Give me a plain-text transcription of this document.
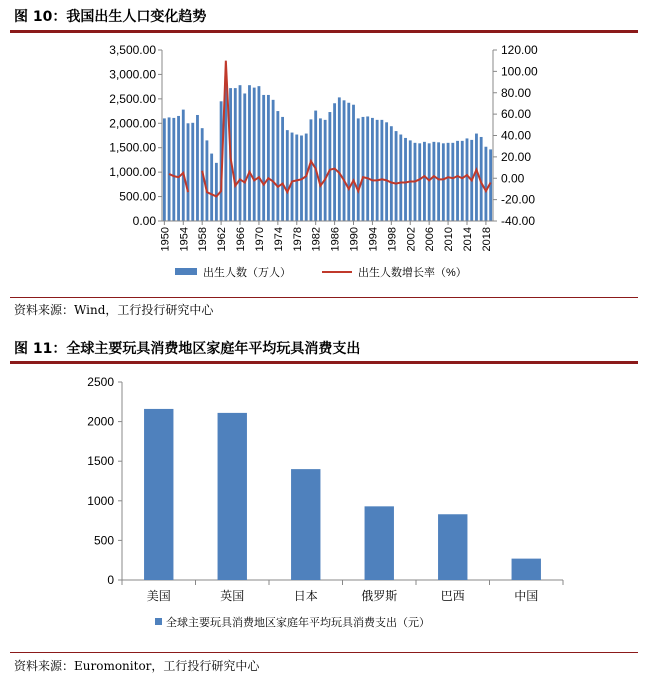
图 10：我国出生人口变化趋势
0.00
500.00
1,000.00
1,500.00
2,000.00
2,500.00
3,000.00
3,500.00
-40.00
-20.00
0.00
20.00
40.00
60.00
80.00
100.00
120.00
1950 1954 1958 1962 1966 1970 1974 1978 1982 1986 1990 1994 1998 2002 2006 2010 2014 2018
出生人数（万人）	出生人数增长率（%）
资料来源：Wind，工行投行研究中心
图 11：全球主要玩具消费地区家庭年平均玩具消费支出
0
500
1000
1500
2000
2500
美国	英国	日本	俄罗斯	巴西	中国
全球主要玩具消费地区家庭年平均玩具消费支出（元）
资料来源：Euromonitor，工行投行研究中心
